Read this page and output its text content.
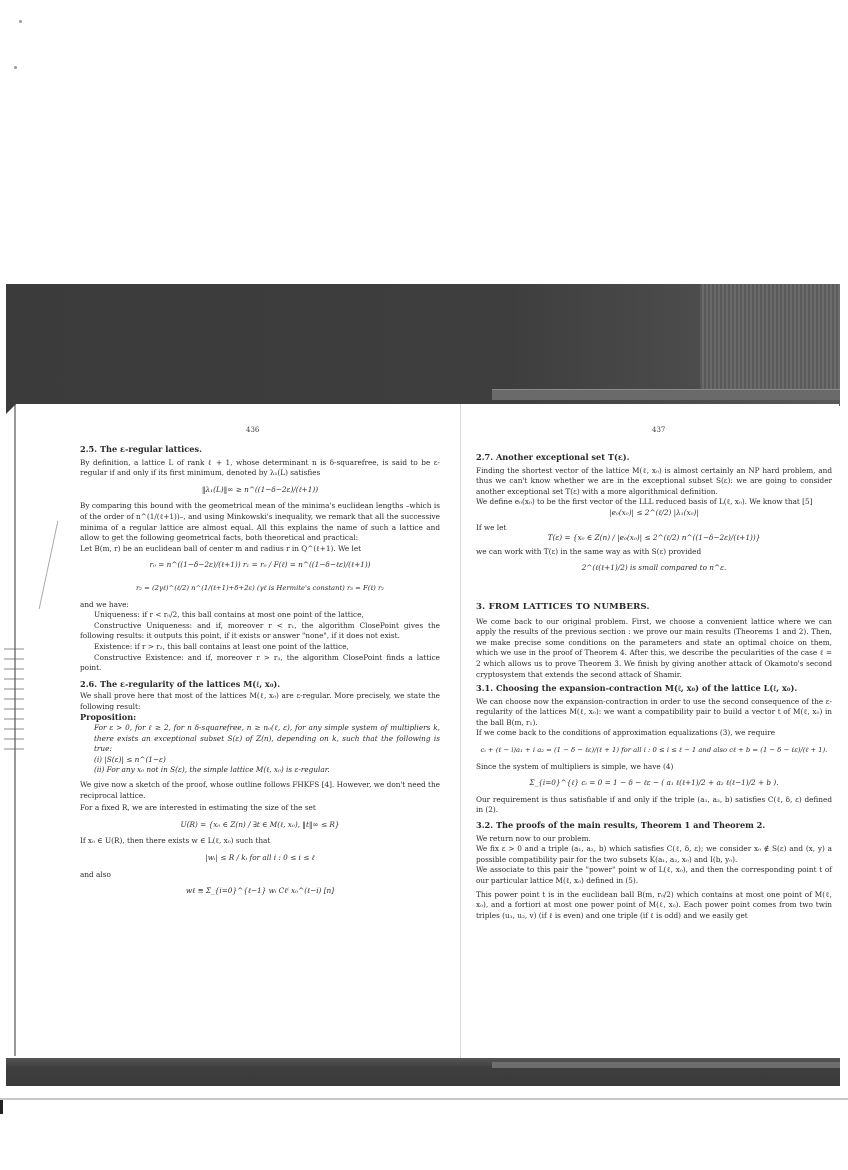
436

2.5. The ε-regular lattices.

By definition, a lattice L of rank ℓ + 1, whose determinant n is δ-squarefree, is said to be ε-regular if and only if its first minimum, denoted by λ₁(L) satisfies

‖λ₁(L)‖∞ ≥ n^((1−δ−2ε)/(ℓ+1))

By comparing this bound with the geometrical mean of the minima's euclidean lengths –which is of the order of n^(1/(ℓ+1))–, and using Minkowski's inequality, we remark that all the successive minima of a regular lattice are almost equal. All this explains the name of such a lattice and allow to get the following geometrical facts, both theoretical and practical:

Let B(m, r) be an euclidean ball of center m and radius r in Q^(ℓ+1). We let

r₀ = n^((1−δ−2ε)/(ℓ+1)) r₁ = r₀ / F(ℓ) = n^((1−δ−ℓε)/(ℓ+1))

r₂ = (2γℓ)^(ℓ/2) n^(1/(ℓ+1)+δ+2ε) (γℓ is Hermite's constant) r₃ = F(ℓ) r₂

and we have:

Uniqueness: if r < r₀/2, this ball contains at most one point of the lattice,

Constructive Uniqueness: and if, moreover r < r₁, the algorithm ClosePoint gives the following results: it outputs this point, if it exists or answer "none", if it does not exist.

Existence: if r > r₂, this ball contains at least one point of the lattice,

Constructive Existence: and if, moreover r > r₃, the algorithm ClosePoint finds a lattice point.

2.6. The ε-regularity of the lattices M(ℓ, x₀).

We shall prove here that most of the lattices M(ℓ, x₀) are ε-regular. More precisely, we state the following result:

Proposition:

For ε > 0, for ℓ ≥ 2, for n δ-squarefree, n ≥ n₀(ℓ, ε), for any simple system of multipliers k, there exists an exceptional subset S(ε) of Z(n), depending on k, such that the following is true:

(i) |S(ε)| ≤ n^(1−ε)

(ii) For any x₀ not in S(ε), the simple lattice M(ℓ, x₀) is ε-regular.

We give now a sketch of the proof, whose outline follows FHKFS [4]. However, we don't need the reciprocal lattice.

For a fixed R, we are interested in estimating the size of the set

U(R) = {x₀ ∈ Z(n) / ∃t ∈ M(ℓ, x₀), ‖t‖∞ ≤ R}

If x₀ ∈ U(R), then there exists w ∈ L(ℓ, x₀) such that

|wᵢ| ≤ R / kᵢ for all i : 0 ≤ i ≤ ℓ

and also

wℓ ≡ Σ_{i=0}^{ℓ−1} wᵢ Cℓⁱ x₀^(ℓ−i) [n]

437

2.7. Another exceptional set T(ε).

Finding the shortest vector of the lattice M(ℓ, x₀) is almost certainly an NP hard problem, and thus we can't know whether we are in the exceptional subset S(ε): we are going to consider another exceptional set T(ε) with a more algorithmical definition.

We define e₀(x₀) to be the first vector of the LLL reduced basis of L(ℓ, x₀). We know that [5]

|e₀(x₀)| ≤ 2^(ℓ/2) |λ₁(x₀)|

If we let

T(ε) = {x₀ ∈ Z(n) / |e₀(x₀)| ≤ 2^(ℓ/2) n^((1−δ−2ε)/(ℓ+1))}

we can work with T(ε) in the same way as with S(ε) provided

2^(ℓ(ℓ+1)/2) is small compared to n^ε.

3. FROM LATTICES TO NUMBERS.

We come back to our original problem. First, we choose a convenient lattice where we can apply the results of the previous section : we prove our main results (Theorems 1 and 2). Then, we make precise some conditions on the parameters and state an optimal choice on them, which we use in the proof of Theorem 4. After this, we describe the pecularities of the case ℓ = 2 which allows us to prove Theorem 3. We finish by giving another attack of Okamoto's second cryptosystem that extends the second attack of Shamir.

3.1. Choosing the expansion-contraction M(ℓ, x₀) of the lattice L(ℓ, x₀).

We can choose now the expansion-contraction in order to use the second consequence of the ε-regularity of the lattices M(ℓ, x₀): we want a compatibility pair to build a vector t of M(ℓ, x₀) in the ball B(m, r₁).

If we come back to the conditions of approximation equalizations (3), we require

cᵢ + (ℓ − i)a₁ + i a₂ = (1 − δ − ℓε)/(ℓ + 1) for all i : 0 ≤ i ≤ ℓ − 1 and also cℓ + b = (1 − δ − ℓε)/(ℓ + 1).

Since the system of multipliers is simple, we have (4)

Σ_{i=0}^{ℓ} cᵢ = 0 = 1 − δ − ℓε − ( a₁ ℓ(ℓ+1)/2 + a₂ ℓ(ℓ−1)/2 + b ).

Our requirement is thus satisfiable if and only if the triple (a₁, a₂, b) satisfies C(ℓ, δ, ε) defined in (2).

3.2. The proofs of the main results, Theorem 1 and Theorem 2.

We return now to our problem.

We fix ε > 0 and a triple (a₁, a₂, b) which satisfies C(ℓ, δ, ε); we consider x₀ ∉ S(ε) and (x, y) a possible compatibility pair for the two subsets K(a₁, a₂, x₀) and I(b, y₀).

We associate to this pair the "power" point w of L(ℓ, x₀), and then the corresponding point t of our particular lattice M(ℓ, x₀) defined in (5).

This power point t is in the euclidean ball B(m, r₀/2) which contains at most one point of M(ℓ, x₀), and a fortiori at most one power point of M(ℓ, x₀). Each power point comes from two twin triples (u₁, u₂, v) (if ℓ is even) and one triple (if ℓ is odd) and we easily get
